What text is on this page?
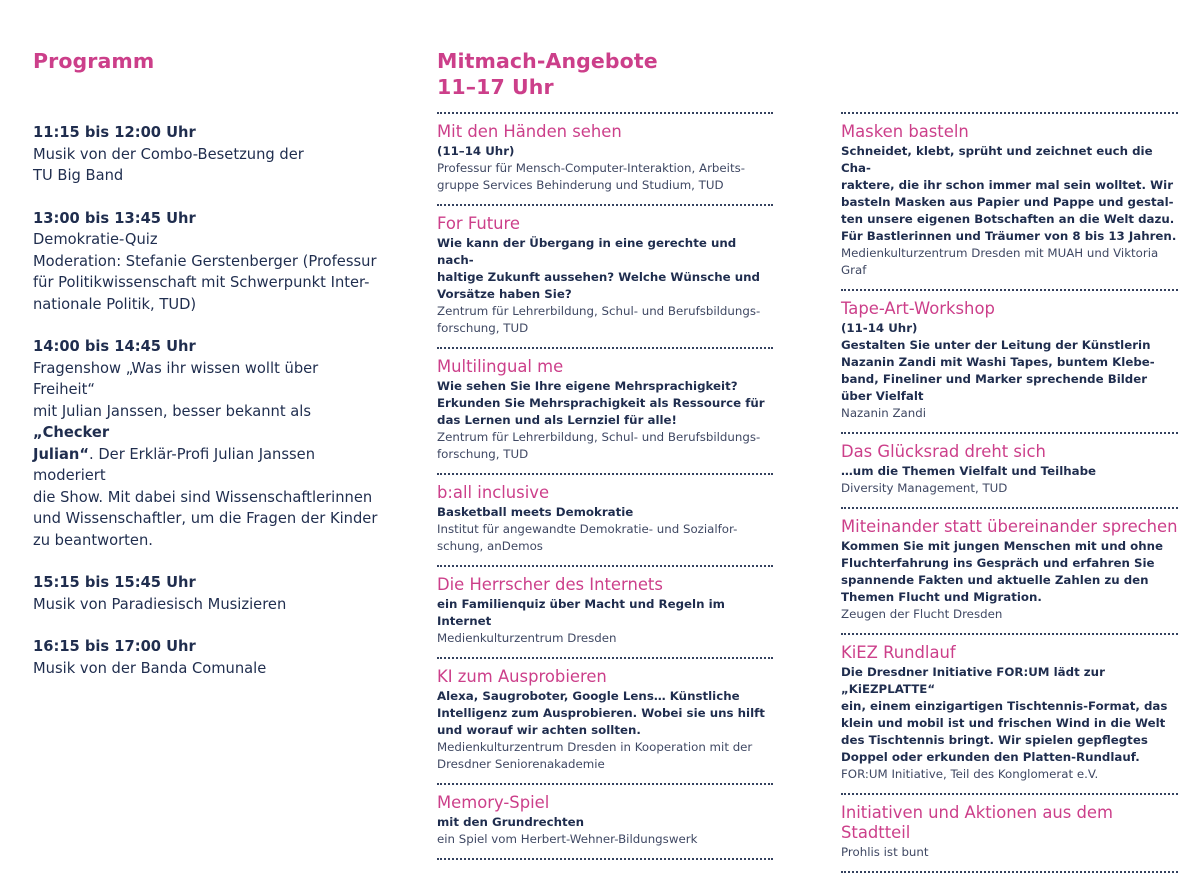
Programm
11:15 bis 12:00 Uhr
Musik von der Combo-Besetzung der
TU Big Band
13:00 bis 13:45 Uhr
Demokratie-Quiz
Moderation: Stefanie Gerstenberger (Professur
für Politikwissenschaft mit Schwerpunkt Inter-
nationale Politik, TUD)
14:00 bis 14:45 Uhr
Fragenshow „Was ihr wissen wollt über Freiheit“
mit Julian Janssen, besser bekannt als „Checker
Julian“. Der Erklär-Profi Julian Janssen moderiert
die Show. Mit dabei sind Wissenschaftlerinnen
und Wissenschaftler, um die Fragen der Kinder
zu beantworten.
15:15 bis 15:45 Uhr
Musik von Paradiesisch Musizieren
16:15 bis 17:00 Uhr
Musik von der Banda Comunale
Mitmach-Angebote
11–17 Uhr
Mit den Händen sehen
(11–14 Uhr)
Professur für Mensch-Computer-Interaktion, Arbeits-
gruppe Services Behinderung und Studium, TUD
For Future
Wie kann der Übergang in eine gerechte und nach-
haltige Zukunft aussehen? Welche Wünsche und
Vorsätze haben Sie?
Zentrum für Lehrerbildung, Schul- und Berufsbildungs-
forschung, TUD
Multilingual me
Wie sehen Sie Ihre eigene Mehrsprachigkeit?
Erkunden Sie Mehrsprachigkeit als Ressource für
das Lernen und als Lernziel für alle!
Zentrum für Lehrerbildung, Schul- und Berufsbildungs-
forschung, TUD
b:all inclusive
Basketball meets Demokratie
Institut für angewandte Demokratie- und Sozialfor-
schung, anDemos
Die Herrscher des Internets
ein Familienquiz über Macht und Regeln im Internet
Medienkulturzentrum Dresden
KI zum Ausprobieren
Alexa, Saugroboter, Google Lens… Künstliche
Intelligenz zum Ausprobieren. Wobei sie uns hilft
und worauf wir achten sollten.
Medienkulturzentrum Dresden in Kooperation mit der
Dresdner Seniorenakademie
Memory-Spiel
mit den Grundrechten
ein Spiel vom Herbert-Wehner-Bildungswerk
Masken basteln
Schneidet, klebt, sprüht und zeichnet euch die Cha-
raktere, die ihr schon immer mal sein wolltet. Wir
basteln Masken aus Papier und Pappe und gestal-
ten unsere eigenen Botschaften an die Welt dazu.
Für Bastlerinnen und Träumer von 8 bis 13 Jahren.
Medienkulturzentrum Dresden mit MUAH und Viktoria Graf
Tape-Art-Workshop
(11-14 Uhr)
Gestalten Sie unter der Leitung der Künstlerin
Nazanin Zandi mit Washi Tapes, buntem Klebe-
band, Fineliner und Marker sprechende Bilder
über Vielfalt
Nazanin Zandi
Das Glücksrad dreht sich
…um die Themen Vielfalt und Teilhabe
Diversity Management, TUD
Miteinander statt übereinander sprechen
Kommen Sie mit jungen Menschen mit und ohne
Fluchterfahrung ins Gespräch und erfahren Sie
spannende Fakten und aktuelle Zahlen zu den
Themen Flucht und Migration.
Zeugen der Flucht Dresden
KiEZ Rundlauf
Die Dresdner Initiative FOR:UM lädt zur „KiEZPLATTE“
ein, einem einzigartigen Tischtennis-Format, das
klein und mobil ist und frischen Wind in die Welt
des Tischtennis bringt. Wir spielen gepflegtes
Doppel oder erkunden den Platten-Rundlauf.
FOR:UM Initiative, Teil des Konglomerat e.V.
Initiativen und Aktionen aus dem Stadtteil
Prohlis ist bunt
